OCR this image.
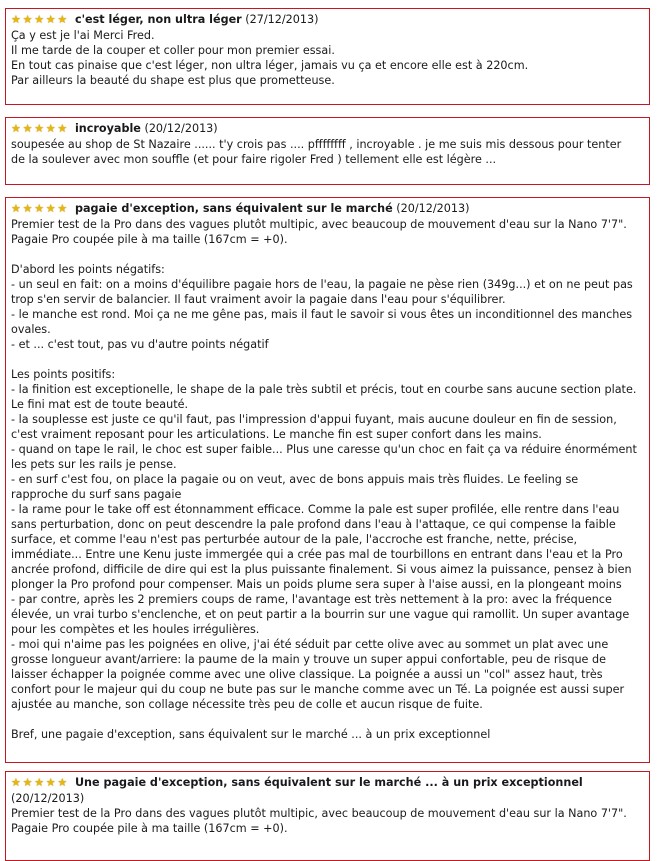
★ ★ ★ ★ ★ c'est léger, non ultra léger (27/12/2013)
Ça y est je l'ai Merci Fred.
Il me tarde de la couper et coller pour mon premier essai.
En tout cas pinaise que c'est léger, non ultra léger, jamais vu ça et encore elle est à 220cm.
Par ailleurs la beauté du shape est plus que prometteuse.
★ ★ ★ ★ ★ incroyable (20/12/2013)
soupesée au shop de St Nazaire ...... t'y crois pas .... pffffffff , incroyable . je me suis mis dessous pour tenter
de la soulever avec mon souffle (et pour faire rigoler Fred ) tellement elle est légère ...
★ ★ ★ ★ ★ pagaie d'exception, sans équivalent sur le marché (20/12/2013)
Premier test de la Pro dans des vagues plutôt multipic, avec beaucoup de mouvement d'eau sur la Nano 7'7".
Pagaie Pro coupée pile à ma taille (167cm = +0).
D'abord les points négatifs:
- un seul en fait: on a moins d'équilibre pagaie hors de l'eau, la pagaie ne pèse rien (349g...) et on ne peut pas
trop s'en servir de balancier. Il faut vraiment avoir la pagaie dans l'eau pour s'équilibrer.
- le manche est rond. Moi ça ne me gêne pas, mais il faut le savoir si vous êtes un inconditionnel des manches
ovales.
- et ... c'est tout, pas vu d'autre points négatif
Les points positifs:
- la finition est exceptionelle, le shape de la pale très subtil et précis, tout en courbe sans aucune section plate.
Le fini mat est de toute beauté.
- la souplesse est juste ce qu'il faut, pas l'impression d'appui fuyant, mais aucune douleur en fin de session,
c'est vraiment reposant pour les articulations. Le manche fin est super confort dans les mains.
- quand on tape le rail, le choc est super faible... Plus une caresse qu'un choc en fait ça va réduire énormément
les pets sur les rails je pense.
- en surf c'est fou, on place la pagaie ou on veut, avec de bons appuis mais très fluides. Le feeling se
rapproche du surf sans pagaie
- la rame pour le take off est étonnamment efficace. Comme la pale est super profilée, elle rentre dans l'eau
sans perturbation, donc on peut descendre la pale profond dans l'eau à l'attaque, ce qui compense la faible
surface, et comme l'eau n'est pas perturbée autour de la pale, l'accroche est franche, nette, précise,
immédiate... Entre une Kenu juste immergée qui a crée pas mal de tourbillons en entrant dans l'eau et la Pro
ancrée profond, difficile de dire qui est la plus puissante finalement. Si vous aimez la puissance, pensez à bien
plonger la Pro profond pour compenser. Mais un poids plume sera super à l'aise aussi, en la plongeant moins
- par contre, après les 2 premiers coups de rame, l'avantage est très nettement à la pro: avec la fréquence
élevée, un vrai turbo s'enclenche, et on peut partir a la bourrin sur une vague qui ramollit. Un super avantage
pour les compètes et les houles irrégulières.
- moi qui n'aime pas les poignées en olive, j'ai été séduit par cette olive avec au sommet un plat avec une
grosse longueur avant/arriere: la paume de la main y trouve un super appui confortable, peu de risque de
laisser échapper la poignée comme avec une olive classique. La poignée a aussi un "col" assez haut, très
confort pour le majeur qui du coup ne bute pas sur le manche comme avec un Té. La poignée est aussi super
ajustée au manche, son collage nécessite très peu de colle et aucun risque de fuite.
Bref, une pagaie d'exception, sans équivalent sur le marché ... à un prix exceptionnel
★ ★ ★ ★ ★ Une pagaie d'exception, sans équivalent sur le marché ... à un prix exceptionnel
(20/12/2013)
Premier test de la Pro dans des vagues plutôt multipic, avec beaucoup de mouvement d'eau sur la Nano 7'7".
Pagaie Pro coupée pile à ma taille (167cm = +0).
